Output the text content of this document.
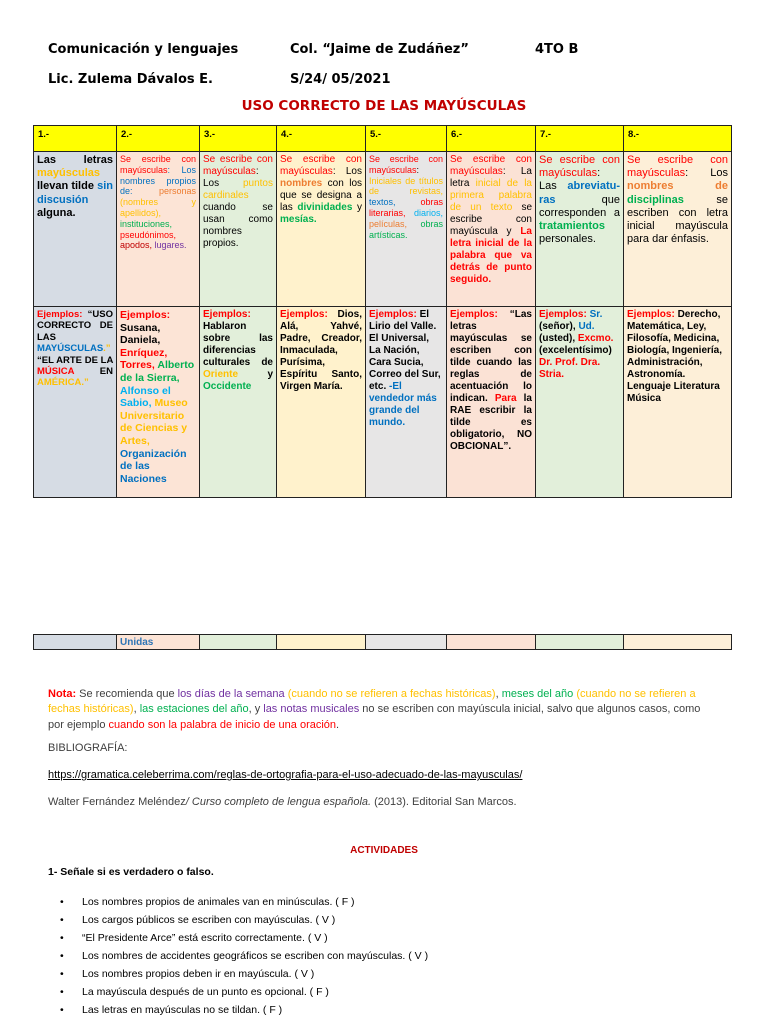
Comunicación y lenguajes	Col. “Jaime de Zudáñez”	4TO B
Lic. Zulema Dávalos E.	S/24/ 05/2021
USO CORRECTO DE LAS MAYÚSCULAS
1.-	2.-	3.-	4.-	5.-	6.-	7.-	8.-
Las letras mayúsculas llevan tilde sin discusión alguna.	Se escribe con mayúsculas: Los nombres propios de: personas (nombres y apellidos), instituciones, pseudónimos, apodos, lugares.	Se escribe con mayúsculas: Los puntos cardinales cuando se usan como nombres propios.	Se escribe con mayúsculas: Los nombres con los que se designa a las divinidades y mesías.	Se escribe con mayúsculas: Iniciales de títulos de revistas, textos, obras literarias, diarios, películas, obras artísticas.	Se escribe con mayúsculas: La letra inicial de la primera palabra de un texto se escribe con mayúscula y La letra inicial de la palabra que va detrás de punto seguido.	Se escribe con mayúsculas: Las abreviatu-ras que corresponden a tratamientos personales.	Se escribe con mayúsculas: Los nombres de disciplinas se escriben con letra inicial mayúscula para dar énfasis.
Ejemplos: “USO CORRECTO DE LAS MAYÚSCULAS.” “EL ARTE DE LA MÚSICA EN AMÉRICA.”	Ejemplos: Susana, Daniela, Enríquez, Torres, Alberto de la Sierra, Alfonso el Sabio, Museo Universitario de Ciencias y Artes, Organización de las Naciones	Ejemplos: Hablaron sobre las diferencias culturales de Oriente y Occidente	Ejemplos: Dios, Alá, Yahvé, Padre, Creador, Inmaculada, Purísima, Espíritu Santo, Virgen María.	Ejemplos: El Lirio del Valle. El Universal, La Nación, Cara Sucia, Correo del Sur, etc. -El vendedor más grande del mundo.	Ejemplos: “Las letras mayúsculas se escriben con tilde cuando las reglas de acentuación lo indican. Para la RAE escribir la tilde es obligatorio, NO OBCIONAL”.	Ejemplos: Sr. (señor), Ud. (usted), Excmo. (excelentísimo) Dr. Prof. Dra. Stria.	Ejemplos: Derecho, Matemática, Ley, Filosofía, Medicina, Biología, Ingeniería, Administración, Astronomía. Lenguaje Literatura Música
	Unidas						
Nota: Se recomienda que los días de la semana (cuando no se refieren a fechas históricas), meses del año (cuando no se refieren a fechas históricas), las estaciones del año, y las notas musicales no se escriben con mayúscula inicial, salvo que algunos casos, como por ejemplo cuando son la palabra de inicio de una oración.
BIBLIOGRAFÍA:
https://gramatica.celeberrima.com/reglas-de-ortografia-para-el-uso-adecuado-de-las-mayusculas/
Walter Fernández Meléndez/ Curso completo de lengua española. (2013). Editorial San Marcos.
ACTIVIDADES
1- Señale si es verdadero o falso.
• Los nombres propios de animales van en minúsculas. ( F )
• Los cargos públicos se escriben con mayúsculas. ( V )
• “El Presidente Arce” está escrito correctamente. ( V )
• Los nombres de accidentes geográficos se escriben con mayúsculas. ( V )
• Los nombres propios deben ir en mayúscula. ( V )
• La mayúscula después de un punto es opcional. ( F )
• Las letras en mayúsculas no se tildan. ( F )
